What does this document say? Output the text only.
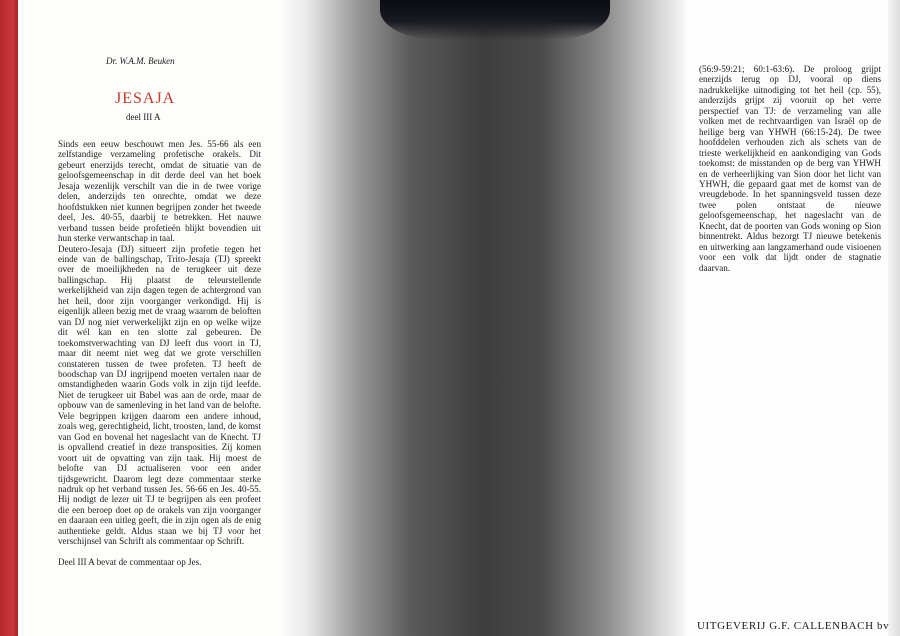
Dr. W.A.M. Beuken
JESAJA
deel III A

Sinds een eeuw beschouwt men Jes. 55-66 als een zelfstandige verzameling profetische orakels. Dit gebeurt enerzijds terecht, omdat de situatie van de geloofsgemeenschap in dit derde deel van het boek Jesaja wezenlijk verschilt van die in de twee vorige delen, anderzijds ten onrechte, omdat we deze hoofdstukken niet kunnen begrijpen zonder het tweede deel, Jes. 40-55, daarbij te betrekken. Het nauwe verband tussen beide profetieën blijkt bovendien uit hun sterke verwantschap in taal.

Deutero-Jesaja (DJ) situeert zijn profetie tegen het einde van de ballingschap, Trito-Jesaja (TJ) spreekt over de moeilijkheden na de terugkeer uit deze ballingschap. Hij plaatst de teleurstellende werkelijkheid van zijn dagen tegen de achtergrond van het heil, door zijn voorganger verkondigd. Hij is eigenlijk alleen bezig met de vraag waarom de beloften van DJ nog niet verwerkelijkt zijn en op welke wijze dit wél kan en ten slotte zal gebeuren. De toekomstverwachting van DJ leeft dus voort in TJ, maar dit neemt niet weg dat we grote verschillen constateren tussen de twee profeten. TJ heeft de boodschap van DJ ingrijpend moeten vertalen naar de omstandigheden waarin Gods volk in zijn tijd leefde. Niet de terugkeer uit Babel was aan de orde, maar de opbouw van de samenleving in het land van de belofte. Vele begrippen krijgen daarom een andere inhoud, zoals weg, gerechtigheid, licht, troosten, land, de komst van God en bovenal het nageslacht van de Knecht. TJ is opvallend creatief in deze transposities. Zij komen voort uit de opvatting van zijn taak. Hij moest de belofte van DJ actualiseren voor een ander tijdsgewricht. Daarom legt deze commentaar sterke nadruk op het verband tussen Jes. 56-66 en Jes. 40-55. Hij nodigt de lezer uit TJ te begrijpen als een profeet die een beroep doet op de orakels van zijn voorganger en daaraan een uitleg geeft, die in zijn ogen als de enig authentieke geldt. Aldus staan we bij TJ voor het verschijnsel van Schrift als commentaar op Schrift.

Deel III A bevat de commentaar op Jes.

(56:9-59:21; 60:1-63:6). De proloog grijpt enerzijds terug op DJ, vooral op diens nadrukkelijke uitnodiging tot het heil (cp. 55), anderzijds grijpt zij vooruit op het verre perspectief van TJ: de verzameling van alle volken met de rechtvaardigen van Israël op de heilige berg van YHWH (66:15-24). De twee hoofddelen verhouden zich als schets van de trieste werkelijkheid en aankondiging van Gods toekomst: de misstanden op de berg van YHWH en de verheerlijking van Sion door het licht van YHWH, die gepaard gaat met de komst van de vreugdebode. In het spanningsveld tussen deze twee polen ontstaat de nieuwe geloofsgemeenschap, het nageslacht van de Knecht, dat de poorten van Gods woning op Sion binnentrekt. Aldus bezorgt TJ nieuwe betekenis en uitwerking aan langzamerhand oude visioenen voor een volk dat lijdt onder de stagnatie daarvan.

UITGEVERIJ G.F. CALLENBACH bv
